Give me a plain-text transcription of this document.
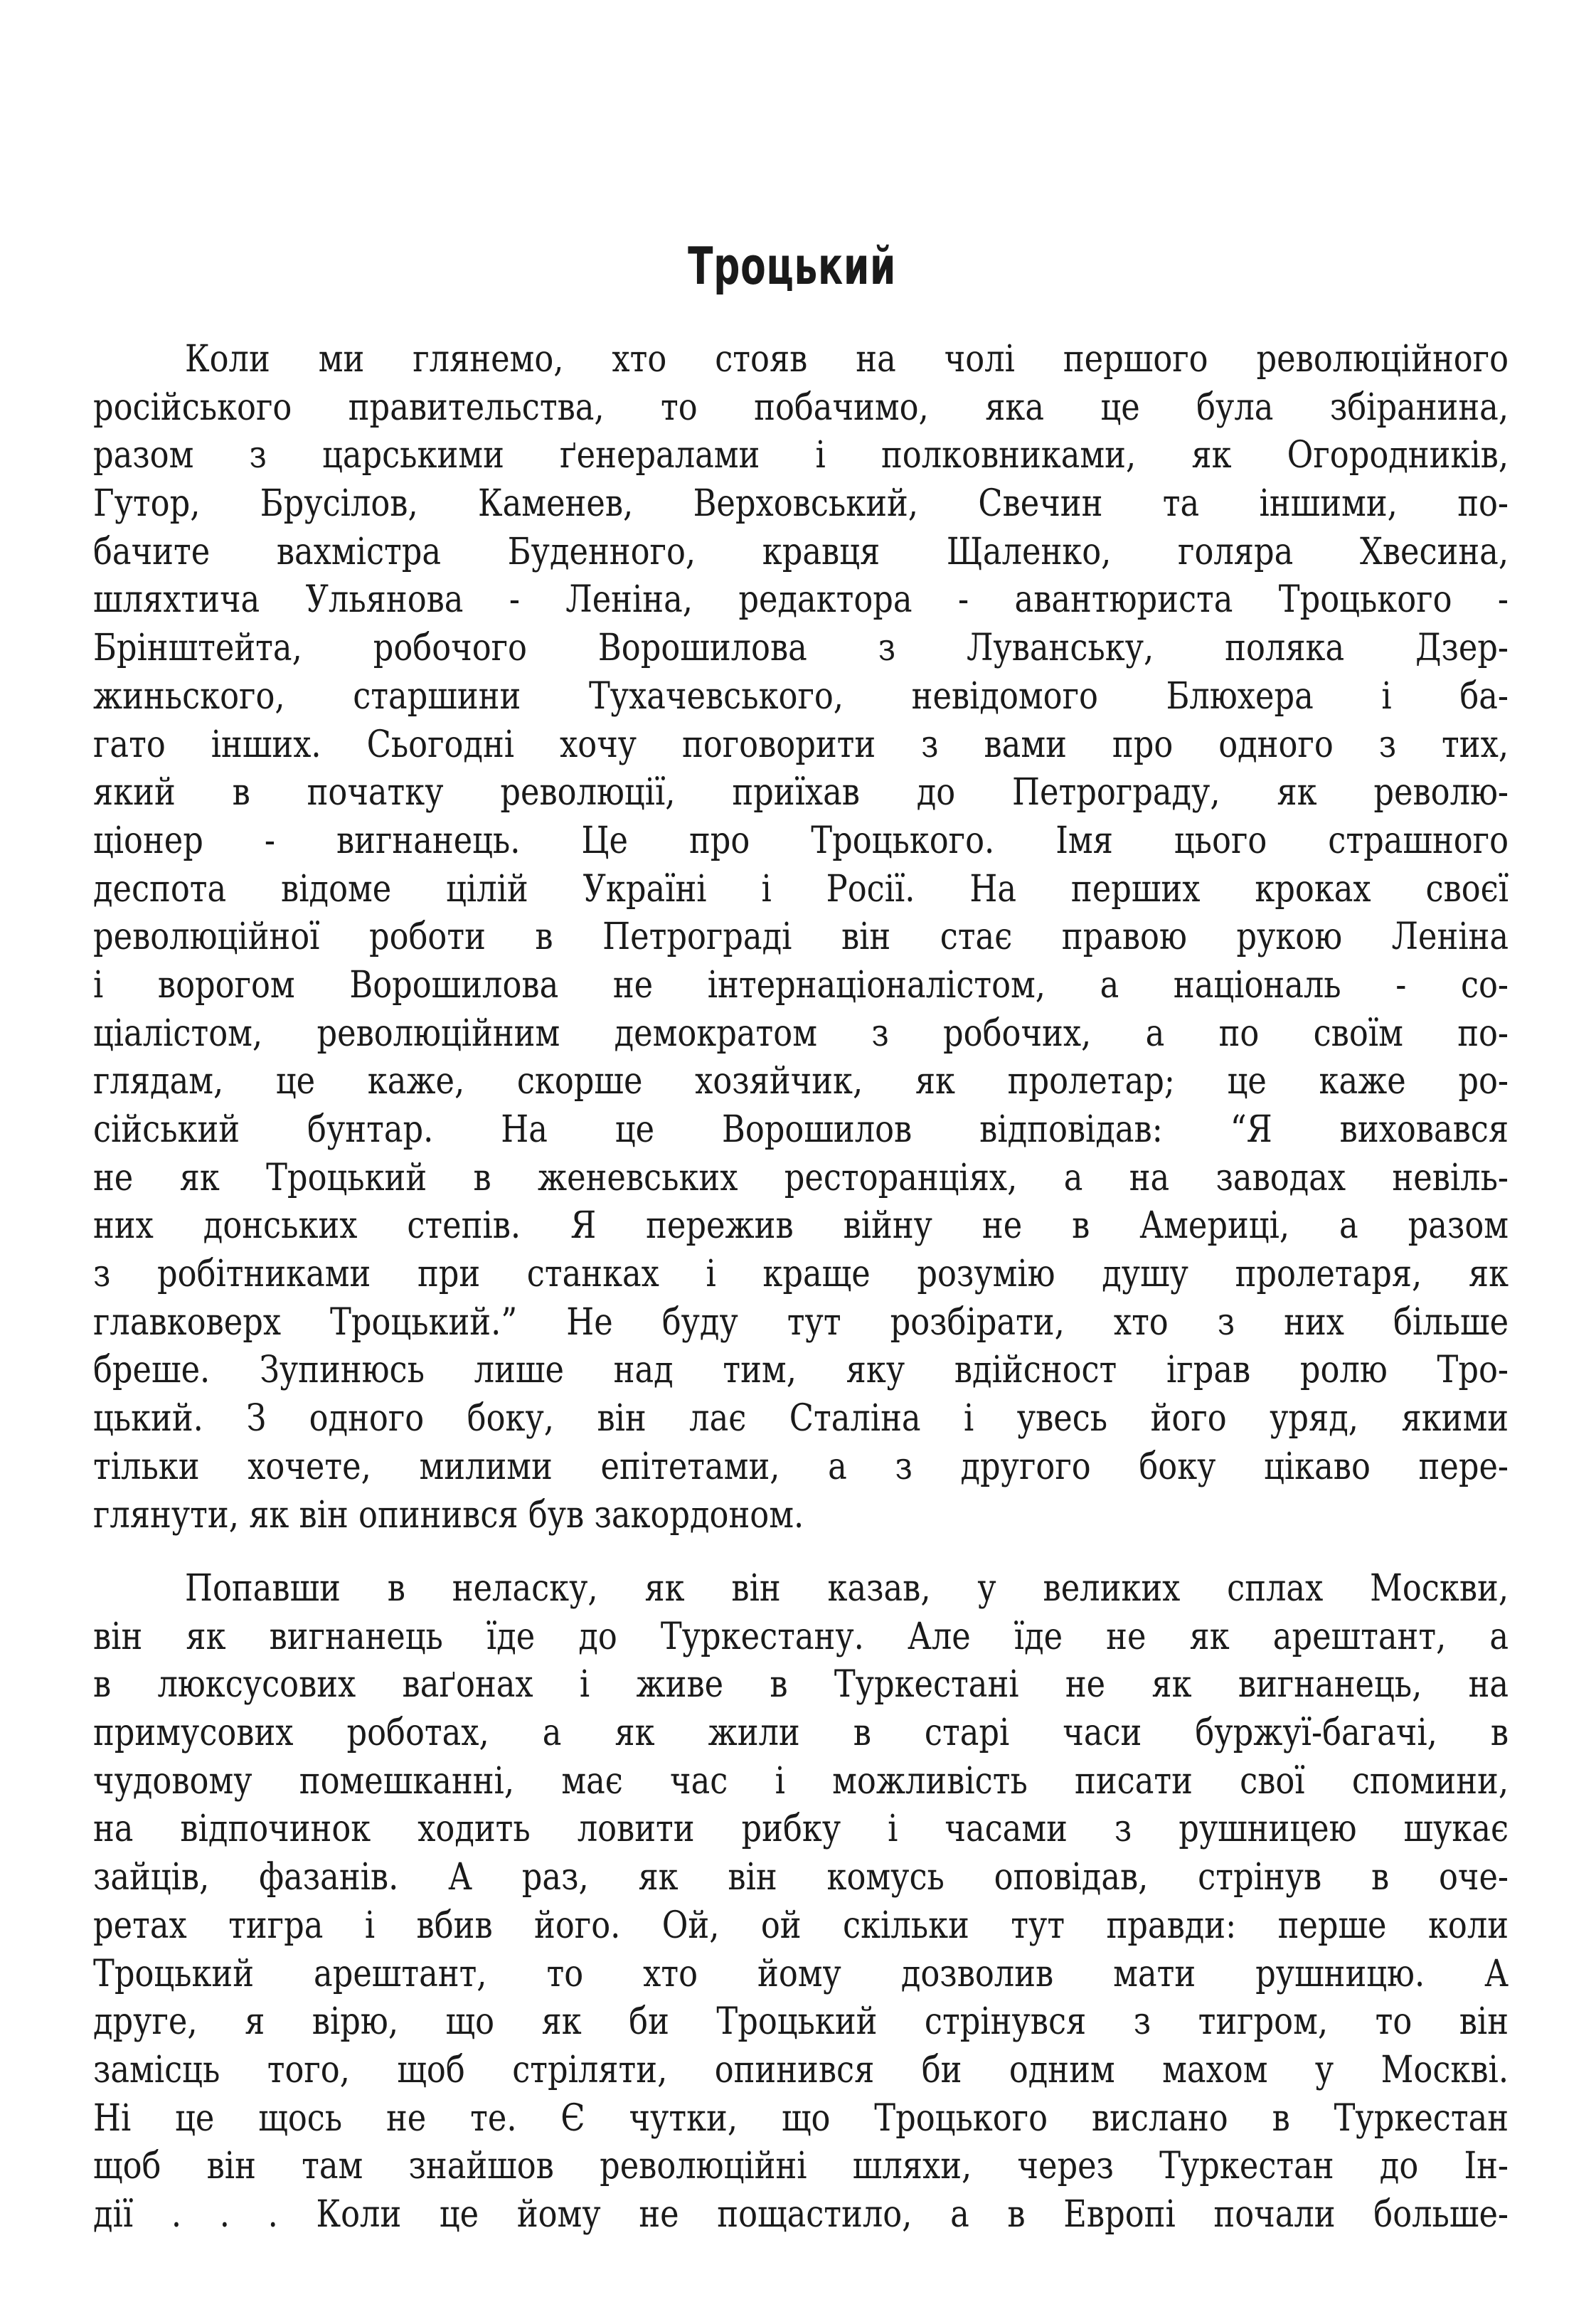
Троцький
Коли ми глянемо, хто стояв на чолі першого революційного
російського правительства, то побачимо, яка це була збіранина,
разом з царськими ґенералами і полковниками, як Огородників,
Гутор, Брусілов, Каменев, Верховський, Свечин та іншими, по-
бачите вахмістра Буденного, кравця Щаленко, голяра Хвесина,
шляхтича Ульянова - Леніна, редактора - авантюриста Троцького -
Брінштейта, робочого Ворошилова з Луванську, поляка Дзер-
жиньского, старшини Тухачевського, невідомого Блюхера і ба-
гато інших. Сьогодні хочу поговорити з вами про одного з тих,
який в початку революції, приїхав до Петрограду, як револю-
ціонер - вигнанець. Це про Троцького. Імя цього страшного
деспота відоме цілій Україні і Росії. На перших кроках своєї
революційної роботи в Петрограді він стає правою рукою Леніна
і ворогом Ворошилова не інтернаціоналістом, а національ - со-
ціалістом, революційним демократом з робочих, а по своїм по-
глядам, це каже, скорше хозяйчик, як пролетар; це каже ро-
сійський бунтар. На це Ворошилов відповідав: “Я виховався
не як Троцький в женевських ресторанціях, а на заводах невіль-
них донських степів. Я пережив війну не в Америці, а разом
з робітниками при станках і краще розумію душу пролетаря, як
главковерх Троцький.” Не буду тут розбірати, хто з них більше
бреше. Зупинюсь лише над тим, яку вдійсност іграв ролю Тро-
цький. З одного боку, він лає Сталіна і увесь його уряд, якими
тільки хочете, милими епітетами, а з другого боку цікаво пере-
глянути, як він опинився був закордоном.
Попавши в неласку, як він казав, у великих сплах Москви,
він як вигнанець їде до Туркестану. Але їде не як арештант, а
в люксусових ваґонах і живе в Туркестані не як вигнанець, на
примусових роботах, а як жили в старі часи буржуї-багачі, в
чудовому помешканні, має час і можливість писати свої спомини,
на відпочинок ходить ловити рибку і часами з рушницею шукає
зайців, фазанів. А раз, як він комусь оповідав, стрінув в оче-
ретах тигра і вбив його. Ой, ой скільки тут правди: перше коли
Троцький арештант, то хто йому дозволив мати рушницю. А
друге, я вірю, що як би Троцький стрінувся з тигром, то він
замісць того, щоб стріляти, опинився би одним махом у Москві.
Ні це щось не те. Є чутки, що Троцького вислано в Туркестан
щоб він там знайшов революційні шляхи, через Туркестан до Ін-
дії . . . Коли це йому не пощастило, а в Европі почали больше-
